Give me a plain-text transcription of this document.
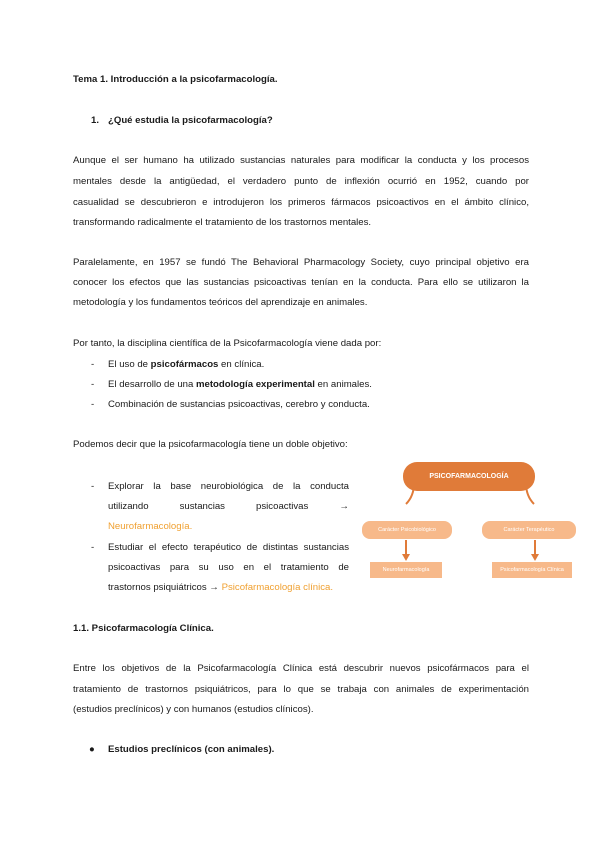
Tema 1. Introducción a la psicofarmacología.
1. ¿Qué estudia la psicofarmacología?
Aunque el ser humano ha utilizado sustancias naturales para modificar la conducta y los procesos
mentales desde la antigüedad, el verdadero punto de inflexión ocurrió en 1952, cuando por
casualidad se descubrieron e introdujeron los primeros fármacos psicoactivos en el ámbito clínico,
transformando radicalmente el tratamiento de los trastornos mentales.
Paralelamente, en 1957 se fundó The Behavioral Pharmacology Society, cuyo principal objetivo era
conocer los efectos que las sustancias psicoactivas tenían en la conducta. Para ello se utilizaron la
metodología y los fundamentos teóricos del aprendizaje en animales.
Por tanto, la disciplina científica de la Psicofarmacología viene dada por:
- El uso de psicofármacos en clínica.
- El desarrollo de una metodología experimental en animales.
- Combinación de sustancias psicoactivas, cerebro y conducta.
Podemos decir que la psicofarmacología tiene un doble objetivo:
- Explorar la base neurobiológica de la conducta
utilizando sustancias psicoactivas →
Neurofarmacología.
- Estudiar el efecto terapéutico de distintas sustancias
psicoactivas para su uso en el tratamiento de
trastornos psiquiátricos → Psicofarmacología clínica.
PSICOFARMACOLOGÍA
Carácter Psicobiológico	Carácter Terapéutico
Neurofarmacología	Psicofarmacología Clínica
1.1. Psicofarmacología Clínica.
Entre los objetivos de la Psicofarmacología Clínica está descubrir nuevos psicofármacos para el
tratamiento de trastornos psiquiátricos, para lo que se trabaja con animales de experimentación
(estudios preclínicos) y con humanos (estudios clínicos).
● Estudios preclínicos (con animales).
